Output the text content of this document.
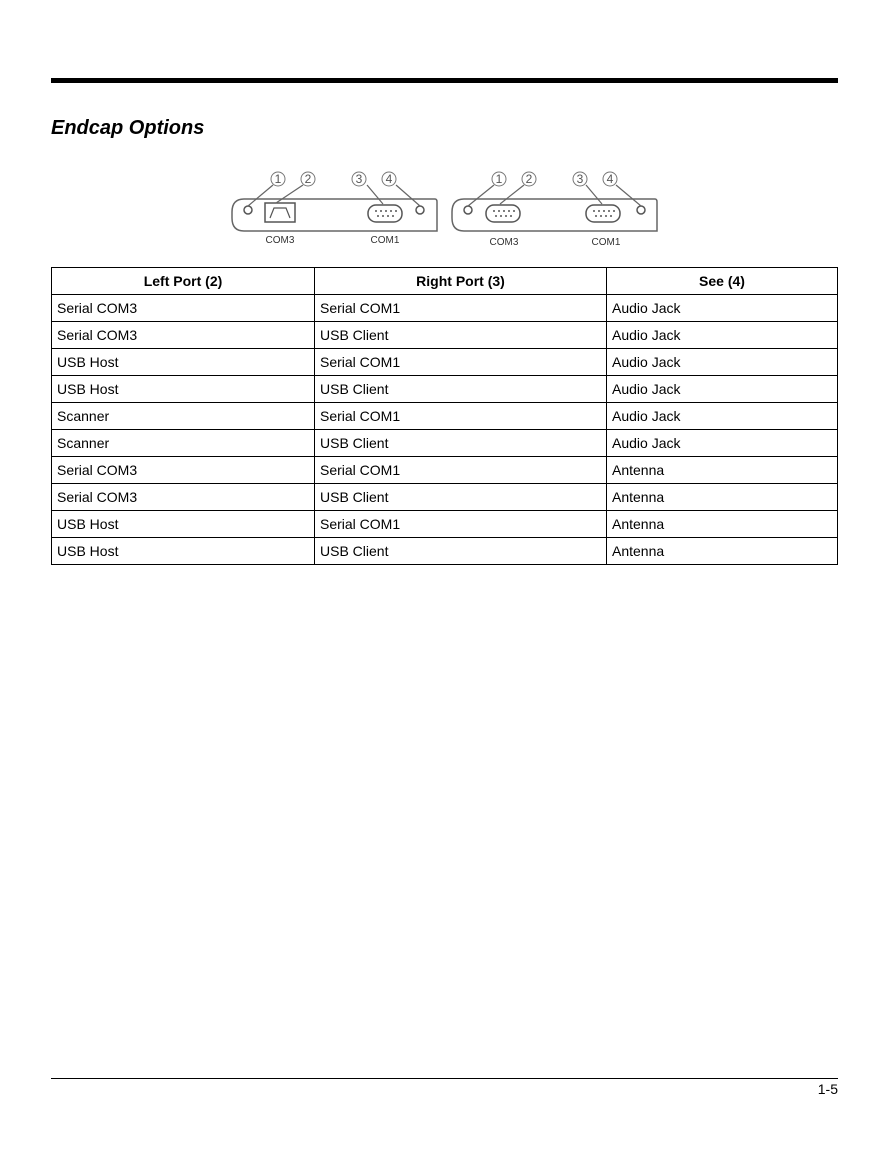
Endcap Options
1 2	3 4
COM3	COM1
1 2	3 4
COM3	COM1
Left Port (2)	Right Port (3)	See (4)
Serial COM3	Serial COM1	Audio Jack
Serial COM3	USB Client	Audio Jack
USB Host	Serial COM1	Audio Jack
USB Host	USB Client	Audio Jack
Scanner	Serial COM1	Audio Jack
Scanner	USB Client	Audio Jack
Serial COM3	Serial COM1	Antenna
Serial COM3	USB Client	Antenna
USB Host	Serial COM1	Antenna
USB Host	USB Client	Antenna
1-5
